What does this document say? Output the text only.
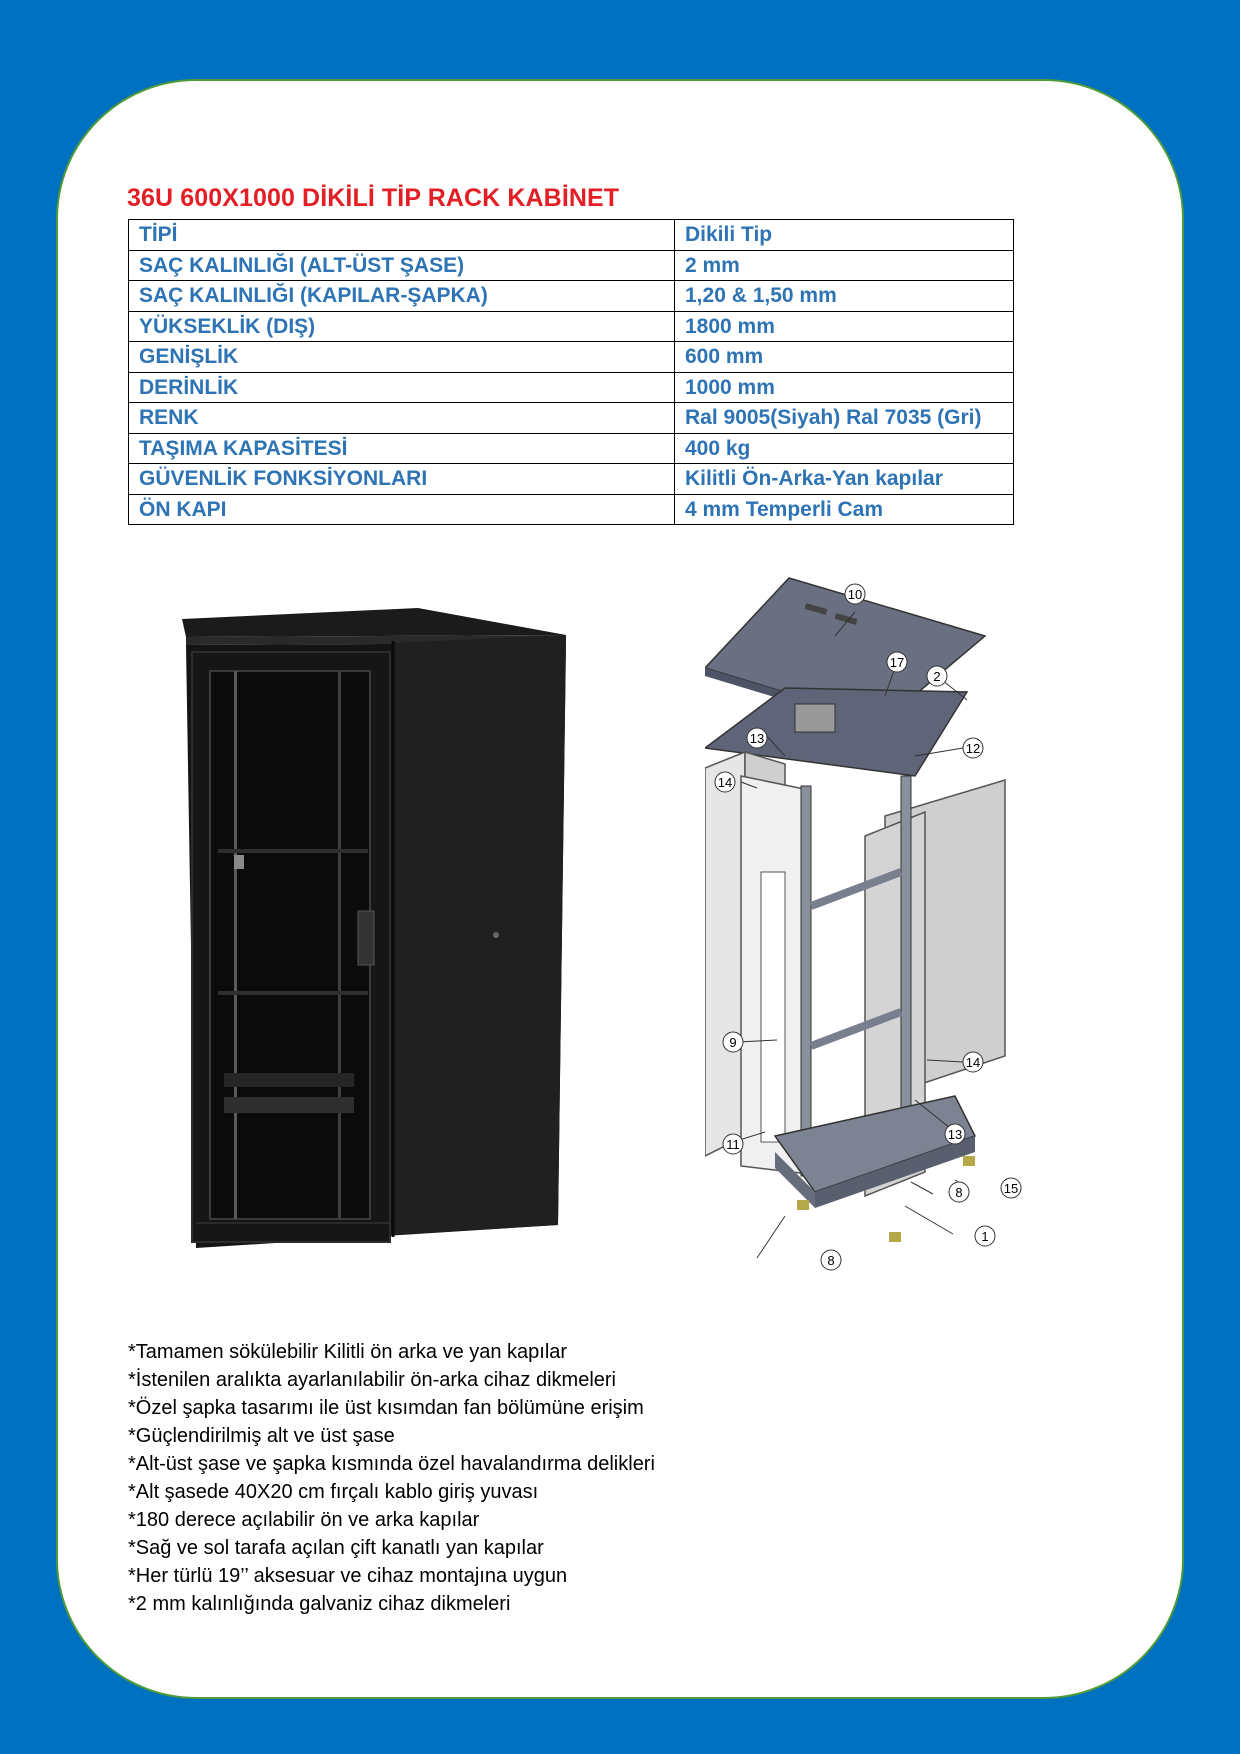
36U 600X1000 DİKİLİ TİP RACK KABİNET
TİPİ	Dikili Tip
SAÇ KALINLIĞI (ALT-ÜST ŞASE)	2 mm
SAÇ KALINLIĞI (KAPILAR-ŞAPKA)	1,20 & 1,50 mm
YÜKSEKLİK (DIŞ)	1800 mm
GENİŞLİK	600 mm
DERİNLİK	1000 mm
RENK	Ral 9005(Siyah) Ral 7035 (Gri)
TAŞIMA KAPASİTESİ	400 kg
GÜVENLİK FONKSİYONLARI	Kilitli Ön-Arka-Yan kapılar
ÖN KAPI	4 mm Temperli Cam
10
17
2
12
13
14
9
14
13
11
15
8
1
8
*Tamamen sökülebilir Kilitli ön arka ve yan kapılar
*İstenilen aralıkta ayarlanılabilir ön-arka cihaz dikmeleri
*Özel şapka tasarımı ile üst kısımdan fan bölümüne erişim
*Güçlendirilmiş alt ve üst şase
*Alt-üst şase ve şapka kısmında özel havalandırma delikleri
*Alt şasede 40X20 cm fırçalı kablo giriş yuvası
*180 derece açılabilir ön ve arka kapılar
*Sağ ve sol tarafa açılan çift kanatlı yan kapılar
*Her türlü 19’’ aksesuar ve cihaz montajına uygun
*2 mm kalınlığında galvaniz cihaz dikmeleri
